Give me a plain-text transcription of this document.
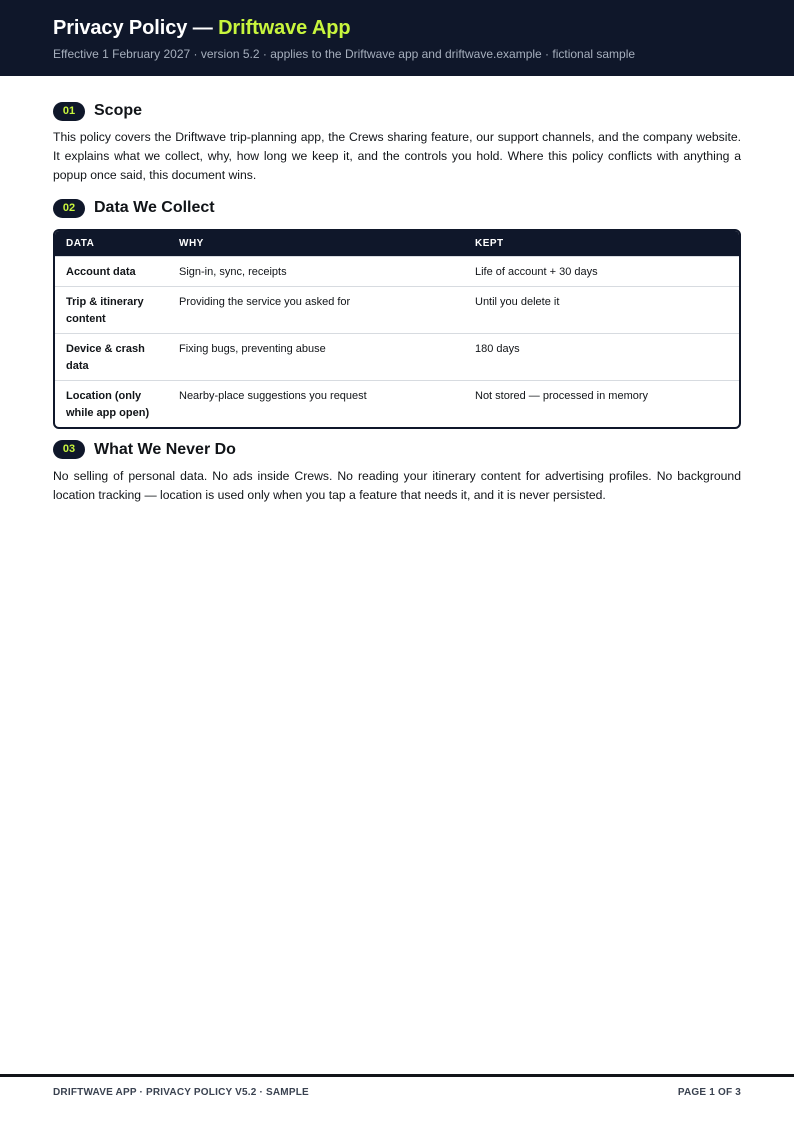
Privacy Policy — Driftwave App
Effective 1 February 2027 · version 5.2 · applies to the Driftwave app and driftwave.example · fictional sample
01	Scope

This policy covers the Driftwave trip-planning app, the Crews sharing feature, our support channels, and the company website. It explains what we collect, why, how long we keep it, and the controls you hold. Where this policy conflicts with anything a popup once said, this document wins.

02	Data We Collect
DATA	WHY	KEPT
Account data	Sign-in, sync, receipts	Life of account + 30 days
Trip & itinerary content	Providing the service you asked for	Until you delete it
Device & crash data	Fixing bugs, preventing abuse	180 days
Location (only while app open)	Nearby-place suggestions you request	Not stored — processed in memory
03	What We Never Do

No selling of personal data. No ads inside Crews. No reading your itinerary content for advertising profiles. No background location tracking — location is used only when you tap a feature that needs it, and it is never persisted.

DRIFTWAVE APP · PRIVACY POLICY V5.2 · SAMPLE	PAGE 1 OF 3
